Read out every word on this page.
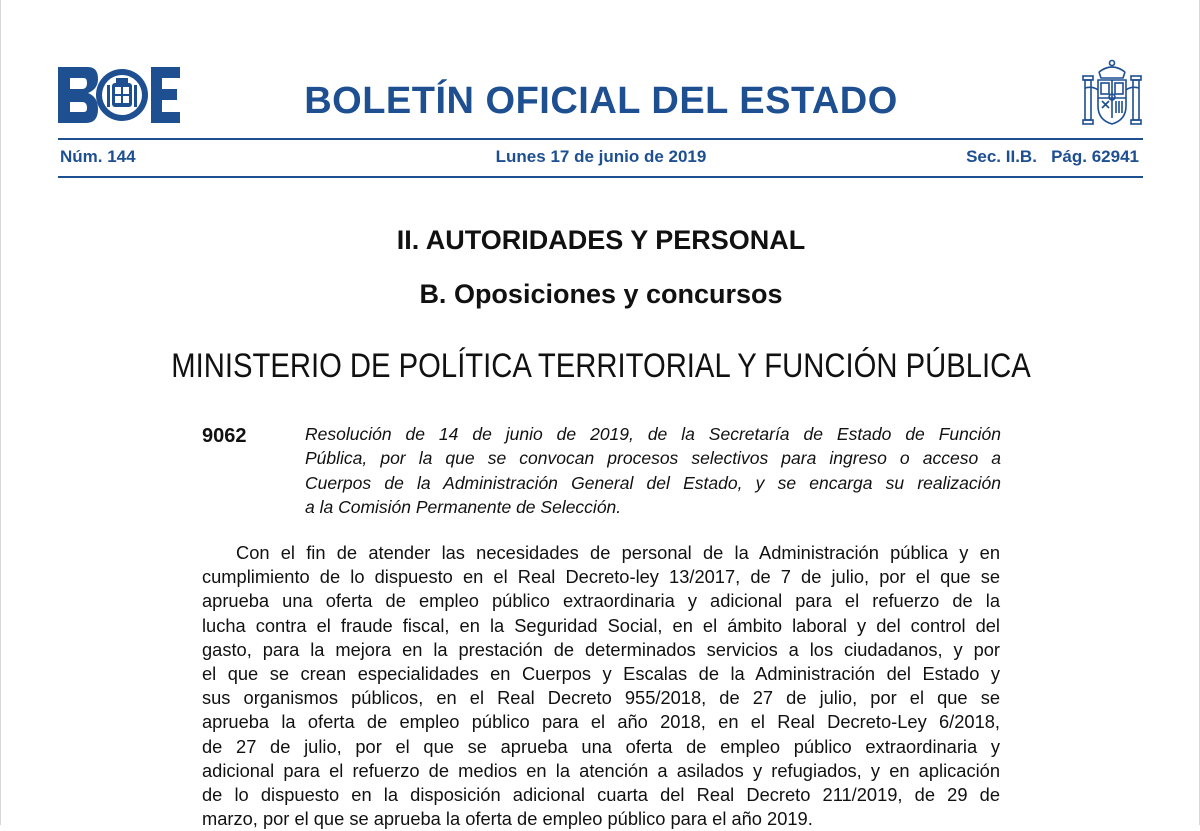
BOLETÍN OFICIAL DEL ESTADO
Núm. 144	Lunes 17 de junio de 2019	Sec. II.B.   Pág. 62941
II. AUTORIDADES Y PERSONAL
B. Oposiciones y concursos
MINISTERIO DE POLÍTICA TERRITORIAL Y FUNCIÓN PÚBLICA
9062	Resolución de 14 de junio de 2019, de la Secretaría de Estado de Función
Pública, por la que se convocan procesos selectivos para ingreso o acceso a
Cuerpos de la Administración General del Estado, y se encarga su realización
a la Comisión Permanente de Selección.

Con el fin de atender las necesidades de personal de la Administración pública y en
cumplimiento de lo dispuesto en el Real Decreto-ley 13/2017, de 7 de julio, por el que se
aprueba una oferta de empleo público extraordinaria y adicional para el refuerzo de la
lucha contra el fraude fiscal, en la Seguridad Social, en el ámbito laboral y del control del
gasto, para la mejora en la prestación de determinados servicios a los ciudadanos, y por
el que se crean especialidades en Cuerpos y Escalas de la Administración del Estado y
sus organismos públicos, en el Real Decreto 955/2018, de 27 de julio, por el que se
aprueba la oferta de empleo público para el año 2018, en el Real Decreto-Ley 6/2018,
de 27 de julio, por el que se aprueba una oferta de empleo público extraordinaria y
adicional para el refuerzo de medios en la atención a asilados y refugiados, y en aplicación
de lo dispuesto en la disposición adicional cuarta del Real Decreto 211/2019, de 29 de
marzo, por el que se aprueba la oferta de empleo público para el año 2019.
